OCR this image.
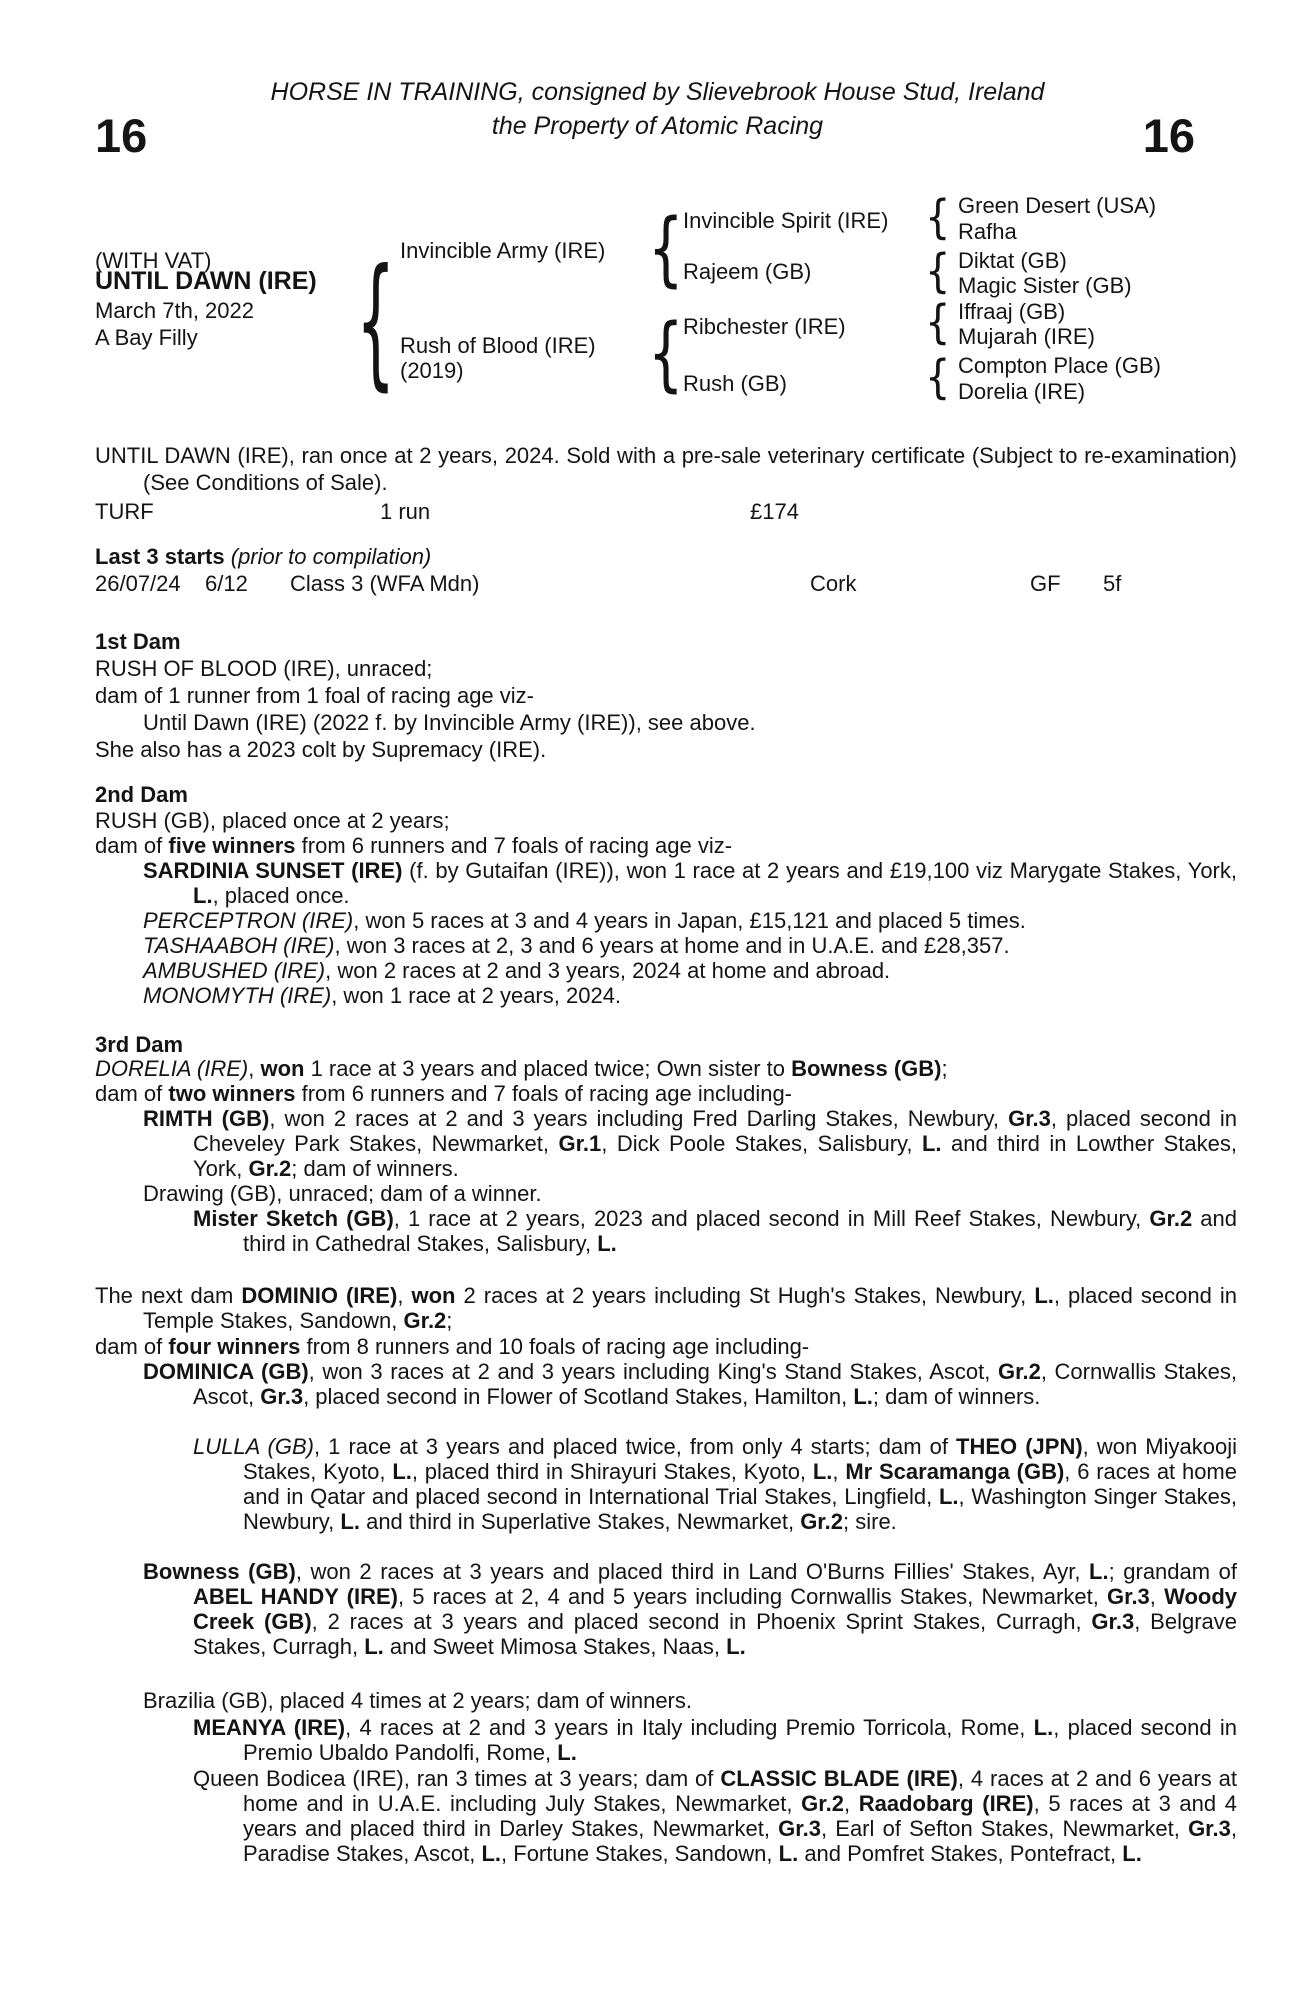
16	16
HORSE IN TRAINING, consigned by Slievebrook House Stud, Ireland
the Property of Atomic Racing
(WITH VAT)
UNTIL DAWN (IRE)
March 7th, 2022
A Bay Filly
{
Invincible Army (IRE)
Rush of Blood (IRE)
(2019)
{
{
Invincible Spirit (IRE)
Rajeem (GB)
Ribchester (IRE)
Rush (GB)
{
{
{
{
Green Desert (USA)
Rafha
Diktat (GB)
Magic Sister (GB)
Iffraaj (GB)
Mujarah (IRE)
Compton Place (GB)
Dorelia (IRE)
TURF	1 run	£174
Last 3 starts (prior to compilation)
26/07/24 6/12 Class 3 (WFA Mdn)	Cork	GF 5f

UNTIL DAWN (IRE), ran once at 2 years, 2024. Sold with a pre-sale veterinary certificate (Subject to re-examination) (See Conditions of Sale).

1st Dam

RUSH OF BLOOD (IRE), unraced;

dam of 1 runner from 1 foal of racing age viz-

Until Dawn (IRE) (2022 f. by Invincible Army (IRE)), see above.

She also has a 2023 colt by Supremacy (IRE).

2nd Dam

RUSH (GB), placed once at 2 years;

dam of five winners from 6 runners and 7 foals of racing age viz-

SARDINIA SUNSET (IRE) (f. by Gutaifan (IRE)), won 1 race at 2 years and £19,100 viz Marygate Stakes, York, L., placed once.

PERCEPTRON (IRE), won 5 races at 3 and 4 years in Japan, £15,121 and placed 5 times.

TASHAABOH (IRE), won 3 races at 2, 3 and 6 years at home and in U.A.E. and £28,357.

AMBUSHED (IRE), won 2 races at 2 and 3 years, 2024 at home and abroad.

MONOMYTH (IRE), won 1 race at 2 years, 2024.

3rd Dam

DORELIA (IRE), won 1 race at 3 years and placed twice; Own sister to Bowness (GB);

dam of two winners from 6 runners and 7 foals of racing age including-

RIMTH (GB), won 2 races at 2 and 3 years including Fred Darling Stakes, Newbury, Gr.3, placed second in Cheveley Park Stakes, Newmarket, Gr.1, Dick Poole Stakes, Salisbury, L. and third in Lowther Stakes, York, Gr.2; dam of winners.

Drawing (GB), unraced; dam of a winner.

Mister Sketch (GB), 1 race at 2 years, 2023 and placed second in Mill Reef Stakes, Newbury, Gr.2 and third in Cathedral Stakes, Salisbury, L.

The next dam DOMINIO (IRE), won 2 races at 2 years including St Hugh's Stakes, Newbury, L., placed second in Temple Stakes, Sandown, Gr.2;

dam of four winners from 8 runners and 10 foals of racing age including-

DOMINICA (GB), won 3 races at 2 and 3 years including King's Stand Stakes, Ascot, Gr.2, Cornwallis Stakes, Ascot, Gr.3, placed second in Flower of Scotland Stakes, Hamilton, L.; dam of winners.

LULLA (GB), 1 race at 3 years and placed twice, from only 4 starts; dam of THEO (JPN), won Miyakooji Stakes, Kyoto, L., placed third in Shirayuri Stakes, Kyoto, L., Mr Scaramanga (GB), 6 races at home and in Qatar and placed second in International Trial Stakes, Lingfield, L., Washington Singer Stakes, Newbury, L. and third in Superlative Stakes, Newmarket, Gr.2; sire.

Bowness (GB), won 2 races at 3 years and placed third in Land O'Burns Fillies' Stakes, Ayr, L.; grandam of ABEL HANDY (IRE), 5 races at 2, 4 and 5 years including Cornwallis Stakes, Newmarket, Gr.3, Woody Creek (GB), 2 races at 3 years and placed second in Phoenix Sprint Stakes, Curragh, Gr.3, Belgrave Stakes, Curragh, L. and Sweet Mimosa Stakes, Naas, L.

Brazilia (GB), placed 4 times at 2 years; dam of winners.

MEANYA (IRE), 4 races at 2 and 3 years in Italy including Premio Torricola, Rome, L., placed second in Premio Ubaldo Pandolfi, Rome, L.

Queen Bodicea (IRE), ran 3 times at 3 years; dam of CLASSIC BLADE (IRE), 4 races at 2 and 6 years at home and in U.A.E. including July Stakes, Newmarket, Gr.2, Raadobarg (IRE), 5 races at 3 and 4 years and placed third in Darley Stakes, Newmarket, Gr.3, Earl of Sefton Stakes, Newmarket, Gr.3, Paradise Stakes, Ascot, L., Fortune Stakes, Sandown, L. and Pomfret Stakes, Pontefract, L.
